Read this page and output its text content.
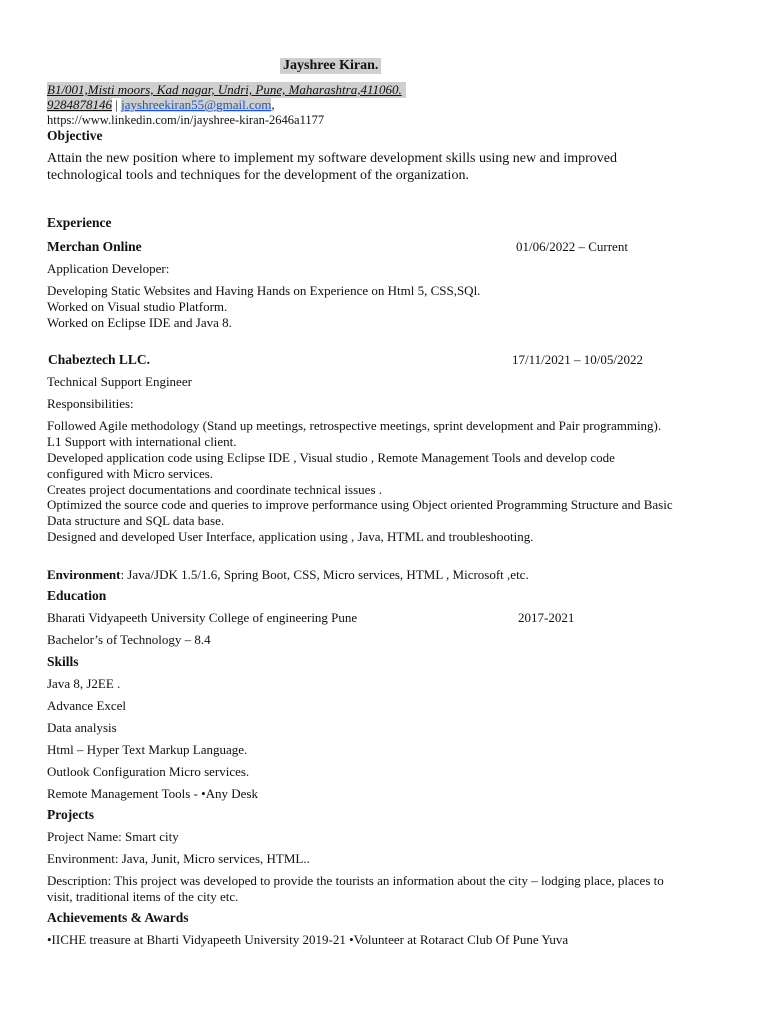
Jayshree Kiran.
B1/001,Misti moors, Kad nagar, Undri, Pune, Maharashtra,411060.
9284878146 | jayshreekiran55@gmail.com,
https://www.linkedin.com/in/jayshree-kiran-2646a1177
Objective
Attain the new position where to implement my software development skills using new and improved
technological tools and techniques for the development of the organization.
Experience
Merchan Online	01/06/2022 – Current
Application Developer:
Developing Static Websites and Having Hands on Experience on Html 5, CSS,SQl.
Worked on Visual studio Platform.
Worked on Eclipse IDE and Java 8.
Chabeztech LLC.	17/11/2021 – 10/05/2022
Technical Support Engineer
Responsibilities:
Followed Agile methodology (Stand up meetings, retrospective meetings, sprint development and Pair programming).
L1 Support with international client.
Developed application code using Eclipse IDE , Visual studio , Remote Management Tools and develop code
configured with Micro services.
Creates project documentations and coordinate technical issues .
Optimized the source code and queries to improve performance using Object oriented Programming Structure and Basic
Data structure and SQL data base.
Designed and developed User Interface, application using , Java, HTML and troubleshooting.
Environment: Java/JDK 1.5/1.6, Spring Boot, CSS, Micro services, HTML , Microsoft ,etc.
Education
Bharati Vidyapeeth University College of engineering Pune	2017-2021
Bachelor’s of Technology – 8.4
Skills
Java 8, J2EE .
Advance Excel
Data analysis
Html – Hyper Text Markup Language.
Outlook Configuration Micro services.
Remote Management Tools - •Any Desk
Projects
Project Name: Smart city
Environment: Java, Junit, Micro services, HTML..
Description: This project was developed to provide the tourists an information about the city – lodging place, places to
visit, traditional items of the city etc.
Achievements & Awards
•IICHE treasure at Bharti Vidyapeeth University 2019-21 •Volunteer at Rotaract Club Of Pune Yuva
